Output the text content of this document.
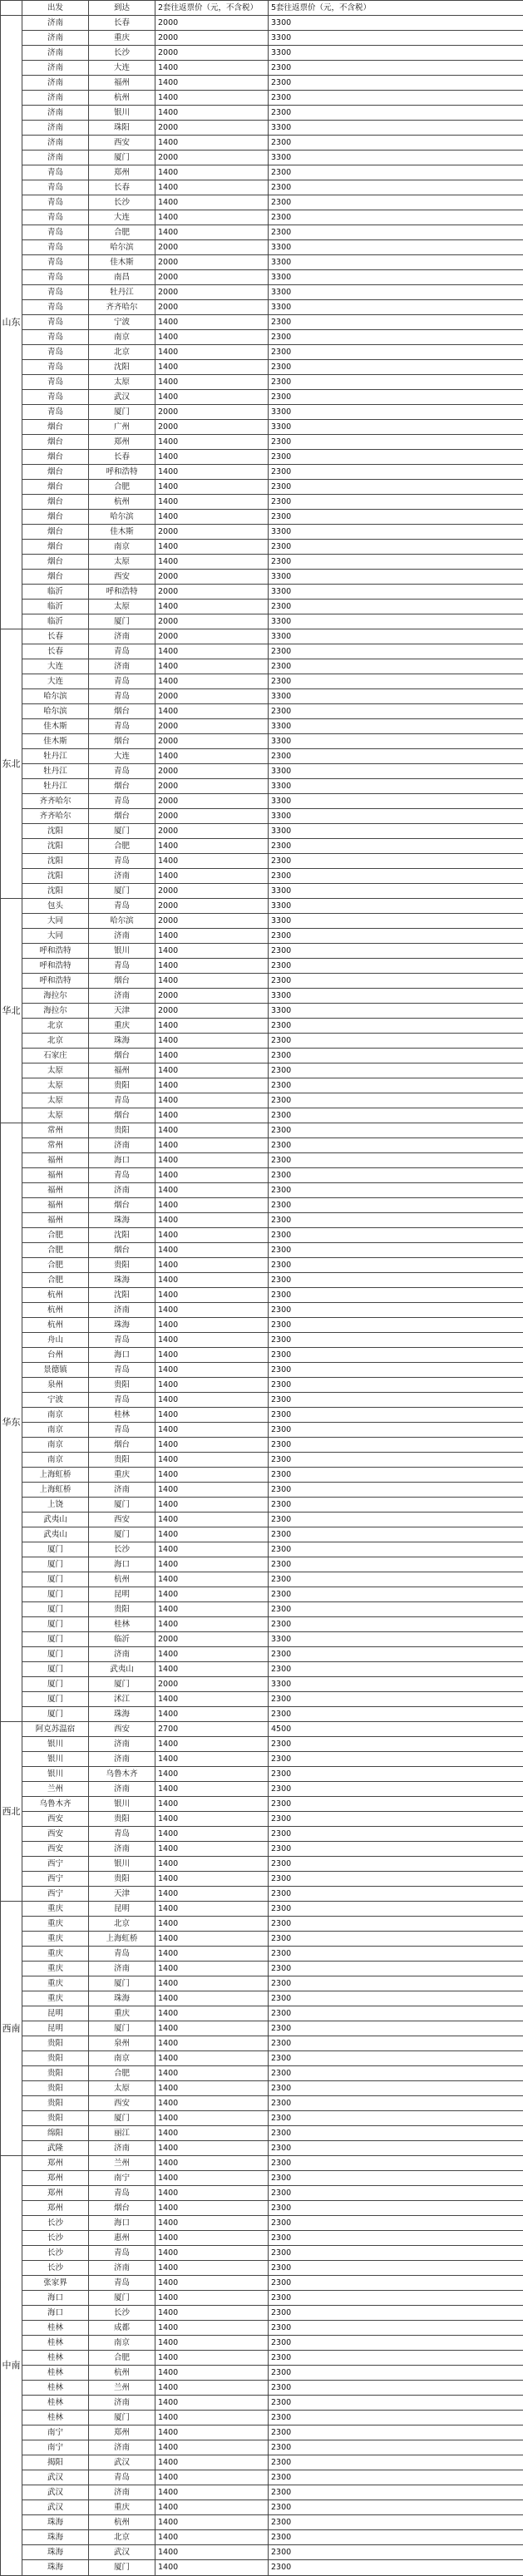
	出发	到达	2套往返票价（元，不含税）	5套往返票价（元，不含税）
山东	济南	长春	2000	3300
	济南	重庆	2000	3300
	济南	长沙	2000	3300
	济南	大连	1400	2300
	济南	福州	1400	2300
	济南	杭州	1400	2300
	济南	银川	1400	2300
	济南	珠阳	2000	3300
	济南	西安	1400	2300
	济南	厦门	2000	3300
	青岛	郑州	1400	2300
	青岛	长春	1400	2300
	青岛	长沙	1400	2300
	青岛	大连	1400	2300
	青岛	合肥	1400	2300
	青岛	哈尔滨	2000	3300
	青岛	佳木斯	2000	3300
	青岛	南昌	2000	3300
	青岛	牡丹江	2000	3300
	青岛	齐齐哈尔	2000	3300
	青岛	宁波	1400	2300
	青岛	南京	1400	2300
	青岛	北京	1400	2300
	青岛	沈阳	1400	2300
	青岛	太原	1400	2300
	青岛	武汉	1400	2300
	青岛	厦门	2000	3300
	烟台	广州	2000	3300
	烟台	郑州	1400	2300
	烟台	长春	1400	2300
	烟台	呼和浩特	1400	2300
	烟台	合肥	1400	2300
	烟台	杭州	1400	2300
	烟台	哈尔滨	1400	2300
	烟台	佳木斯	2000	3300
	烟台	南京	1400	2300
	烟台	太原	1400	2300
	烟台	西安	2000	3300
	临沂	呼和浩特	2000	3300
	临沂	太原	1400	2300
	临沂	厦门	2000	3300
东北	长春	济南	2000	3300
	长春	青岛	1400	2300
	大连	济南	1400	2300
	大连	青岛	1400	2300
	哈尔滨	青岛	2000	3300
	哈尔滨	烟台	1400	2300
	佳木斯	青岛	2000	3300
	佳木斯	烟台	2000	3300
	牡丹江	大连	1400	2300
	牡丹江	青岛	2000	3300
	牡丹江	烟台	2000	3300
	齐齐哈尔	青岛	2000	3300
	齐齐哈尔	烟台	2000	3300
	沈阳	厦门	2000	3300
	沈阳	合肥	1400	2300
	沈阳	青岛	1400	2300
	沈阳	济南	1400	2300
	沈阳	厦门	2000	3300
华北	包头	青岛	2000	3300
	大同	哈尔滨	2000	3300
	大同	济南	1400	2300
	呼和浩特	银川	1400	2300
	呼和浩特	青岛	1400	2300
	呼和浩特	烟台	1400	2300
	海拉尔	济南	2000	3300
	海拉尔	天津	2000	3300
	北京	重庆	1400	2300
	北京	珠海	1400	2300
	石家庄	烟台	1400	2300
	太原	福州	1400	2300
	太原	贵阳	1400	2300
	太原	青岛	1400	2300
	太原	烟台	1400	2300
华东	常州	贵阳	1400	2300
	常州	济南	1400	2300
	福州	海口	1400	2300
	福州	青岛	1400	2300
	福州	济南	1400	2300
	福州	烟台	1400	2300
	福州	珠海	1400	2300
	合肥	沈阳	1400	2300
	合肥	烟台	1400	2300
	合肥	贵阳	1400	2300
	合肥	珠海	1400	2300
	杭州	沈阳	1400	2300
	杭州	济南	1400	2300
	杭州	珠海	1400	2300
	舟山	青岛	1400	2300
	台州	海口	1400	2300
	景德镇	青岛	1400	2300
	泉州	贵阳	1400	2300
	宁波	青岛	1400	2300
	南京	桂林	1400	2300
	南京	青岛	1400	2300
	南京	烟台	1400	2300
	南京	贵阳	1400	2300
	上海虹桥	重庆	1400	2300
	上海虹桥	济南	1400	2300
	上饶	厦门	1400	2300
	武夷山	西安	1400	2300
	武夷山	厦门	1400	2300
	厦门	长沙	1400	2300
	厦门	海口	1400	2300
	厦门	杭州	1400	2300
	厦门	昆明	1400	2300
	厦门	贵阳	1400	2300
	厦门	桂林	1400	2300
	厦门	临沂	2000	3300
	厦门	济南	1400	2300
	厦门	武夷山	1400	2300
	厦门	厦门	2000	3300
	厦门	沭江	1400	2300
	厦门	珠海	1400	2300
西北	阿克苏温宿	西安	2700	4500
	银川	济南	1400	2300
	银川	济南	1400	2300
	银川	乌鲁木齐	1400	2300
	兰州	济南	1400	2300
	乌鲁木齐	银川	1400	2300
	西安	贵阳	1400	2300
	西安	青岛	1400	2300
	西安	济南	1400	2300
	西宁	银川	1400	2300
	西宁	贵阳	1400	2300
	西宁	天津	1400	2300
西南	重庆	昆明	1400	2300
	重庆	北京	1400	2300
	重庆	上海虹桥	1400	2300
	重庆	青岛	1400	2300
	重庆	济南	1400	2300
	重庆	厦门	1400	2300
	重庆	珠海	1400	2300
	昆明	重庆	1400	2300
	昆明	厦门	1400	2300
	贵阳	泉州	1400	2300
	贵阳	南京	1400	2300
	贵阳	合肥	1400	2300
	贵阳	太原	1400	2300
	贵阳	西安	1400	2300
	贵阳	厦门	1400	2300
	绵阳	丽江	1400	2300
	武隆	济南	1400	2300
中南	郑州	兰州	1400	2300
	郑州	南宁	1400	2300
	郑州	青岛	1400	2300
	郑州	烟台	1400	2300
	长沙	海口	1400	2300
	长沙	惠州	1400	2300
	长沙	青岛	1400	2300
	长沙	济南	1400	2300
	张家界	青岛	1400	2300
	海口	厦门	1400	2300
	海口	长沙	1400	2300
	桂林	成都	1400	2300
	桂林	南京	1400	2300
	桂林	合肥	1400	2300
	桂林	杭州	1400	2300
	桂林	兰州	1400	2300
	桂林	济南	1400	2300
	桂林	厦门	1400	2300
	南宁	郑州	1400	2300
	南宁	济南	1400	2300
	揭阳	武汉	1400	2300
	武汉	青岛	1400	2300
	武汉	济南	1400	2300
	武汉	重庆	1400	2300
	珠海	杭州	1400	2300
	珠海	北京	1400	2300
	珠海	武汉	1400	2300
	珠海	厦门	1400	2300
